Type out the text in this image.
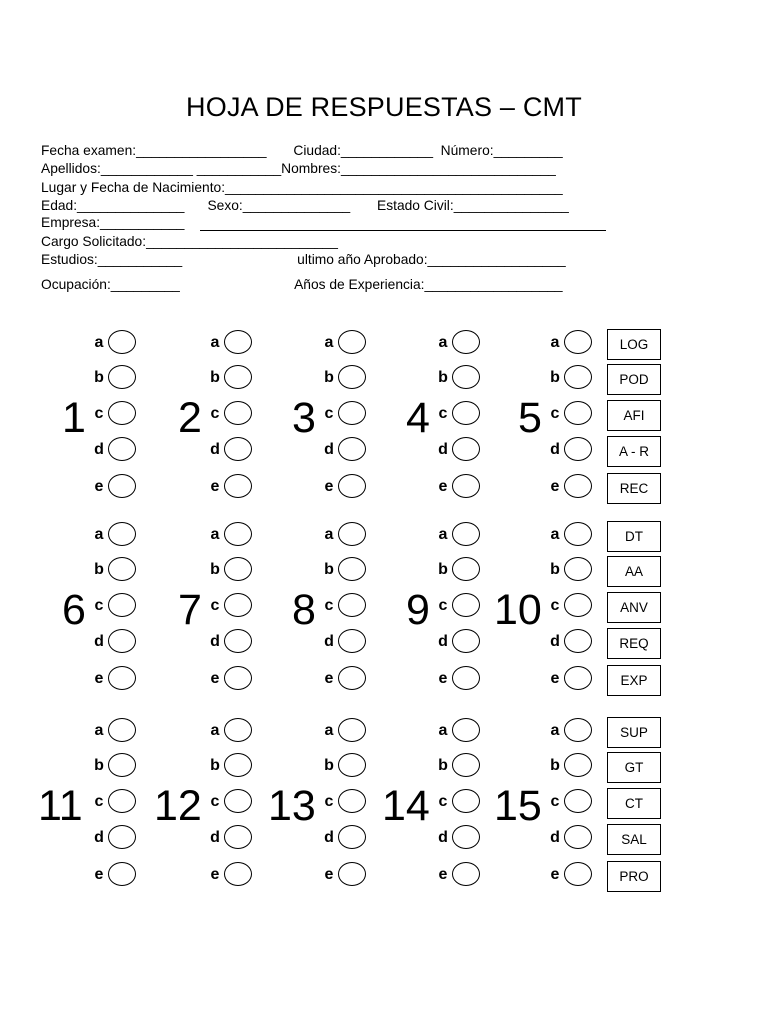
HOJA DE RESPUESTAS – CMT
Fecha examen:_________________       Ciudad:____________  Número:_________
Apellidos:____________ ___________Nombres:____________________________
Lugar y Fecha de Nacimiento:____________________________________________
Edad:______________      Sexo:______________       Estado Civil:_______________
Empresa:___________
Cargo Solicitado:_________________________
Estudios:___________                              ultimo año Aprobado:__________________
Ocupación:_________                              Años de Experiencia:__________________
1
a
b
c
d
e
2
a
b
c
d
e
3
a
b
c
d
e
4
a
b
c
d
e
5
a
b
c
d
e
LOG
POD
AFI
A - R
REC
6
a
b
c
d
e
7
a
b
c
d
e
8
a
b
c
d
e
9
a
b
c
d
e
10
a
b
c
d
e
DT
AA
ANV
REQ
EXP
11
a
b
c
d
e
12
a
b
c
d
e
13
a
b
c
d
e
14
a
b
c
d
e
15
a
b
c
d
e
SUP
GT
CT
SAL
PRO
